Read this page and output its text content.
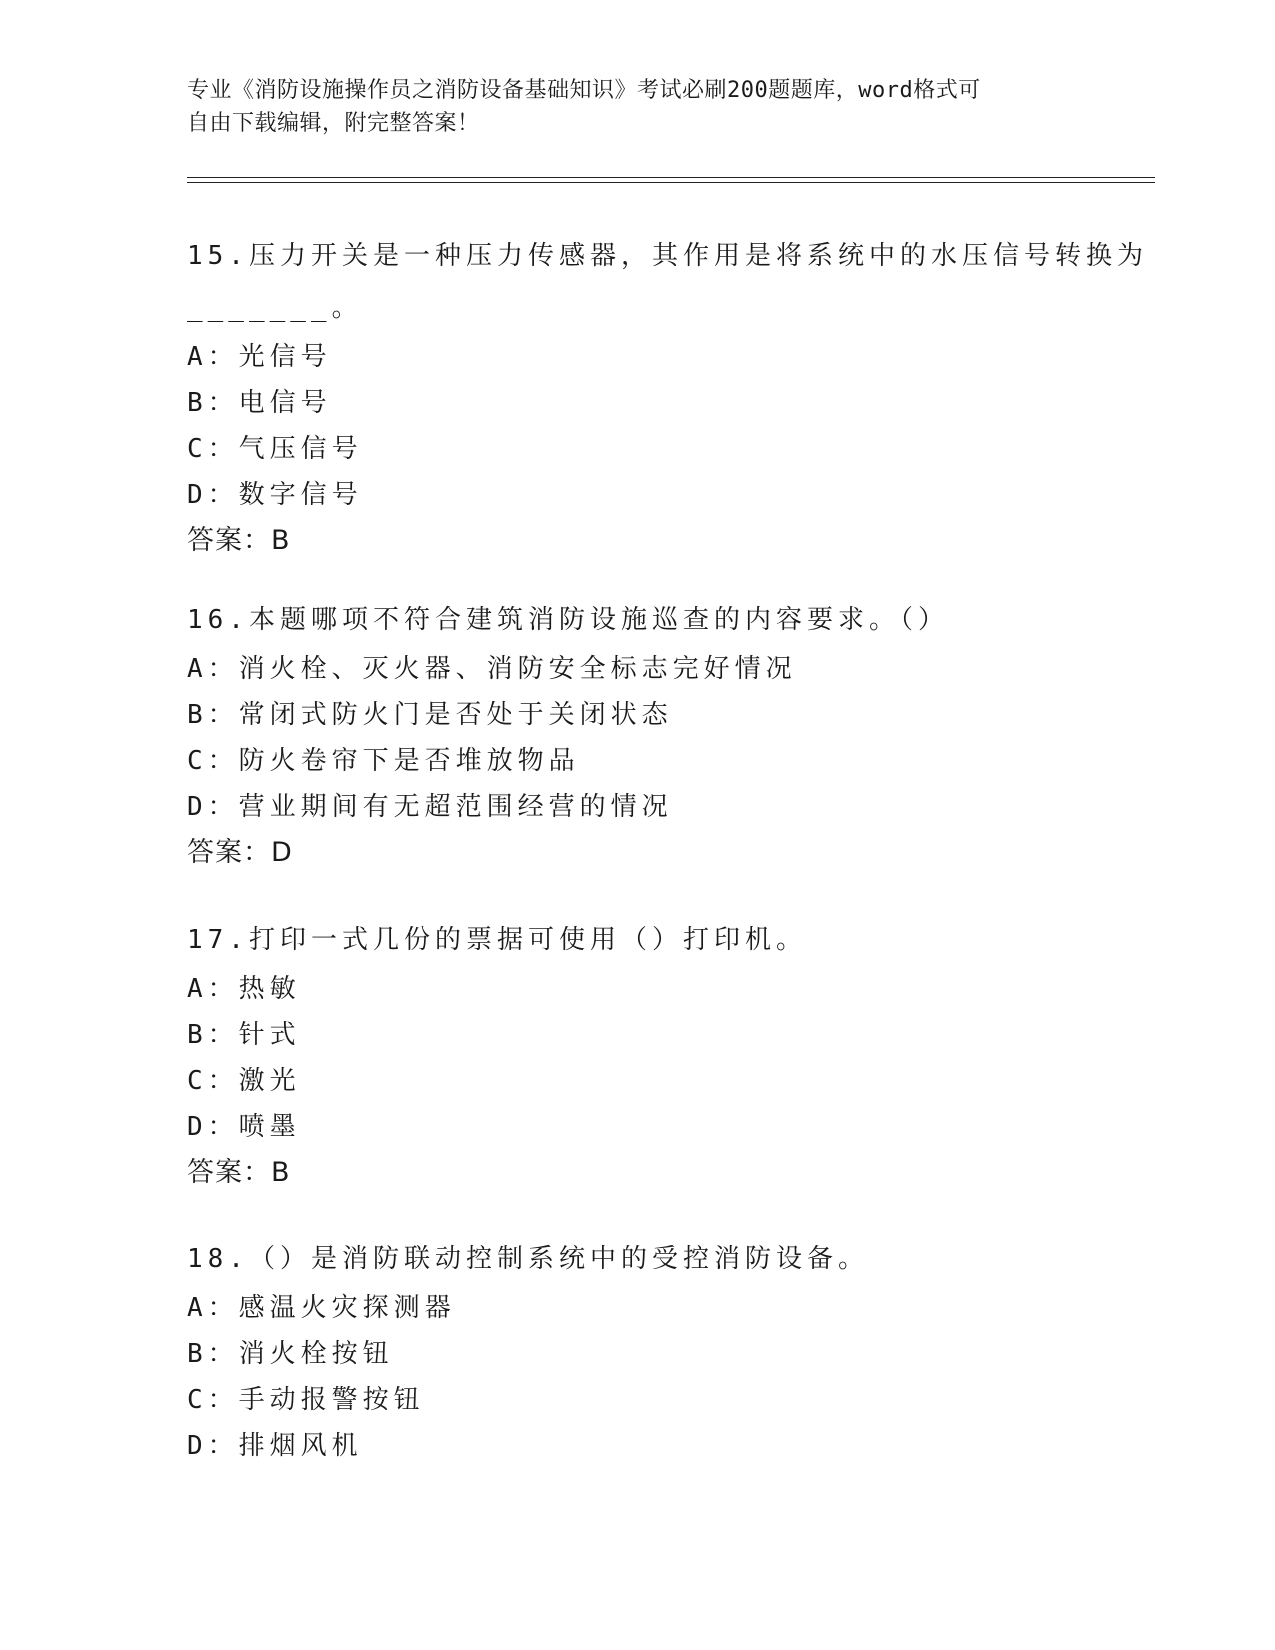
专业《消防设施操作员之消防设备基础知识》考试必刷200题题库，word格式可
自由下载编辑，附完整答案！
15.压力开关是一种压力传感器，其作用是将系统中的水压信号转换为
_______。
A：光信号
B：电信号
C：气压信号
D：数字信号
答案：B
16.本题哪项不符合建筑消防设施巡查的内容要求。（）
A：消火栓、灭火器、消防安全标志完好情况
B：常闭式防火门是否处于关闭状态
C：防火卷帘下是否堆放物品
D：营业期间有无超范围经营的情况
答案：D
17.打印一式几份的票据可使用（）打印机。
A：热敏
B：针式
C：激光
D：喷墨
答案：B
18.（）是消防联动控制系统中的受控消防设备。
A：感温火灾探测器
B：消火栓按钮
C：手动报警按钮
D：排烟风机
